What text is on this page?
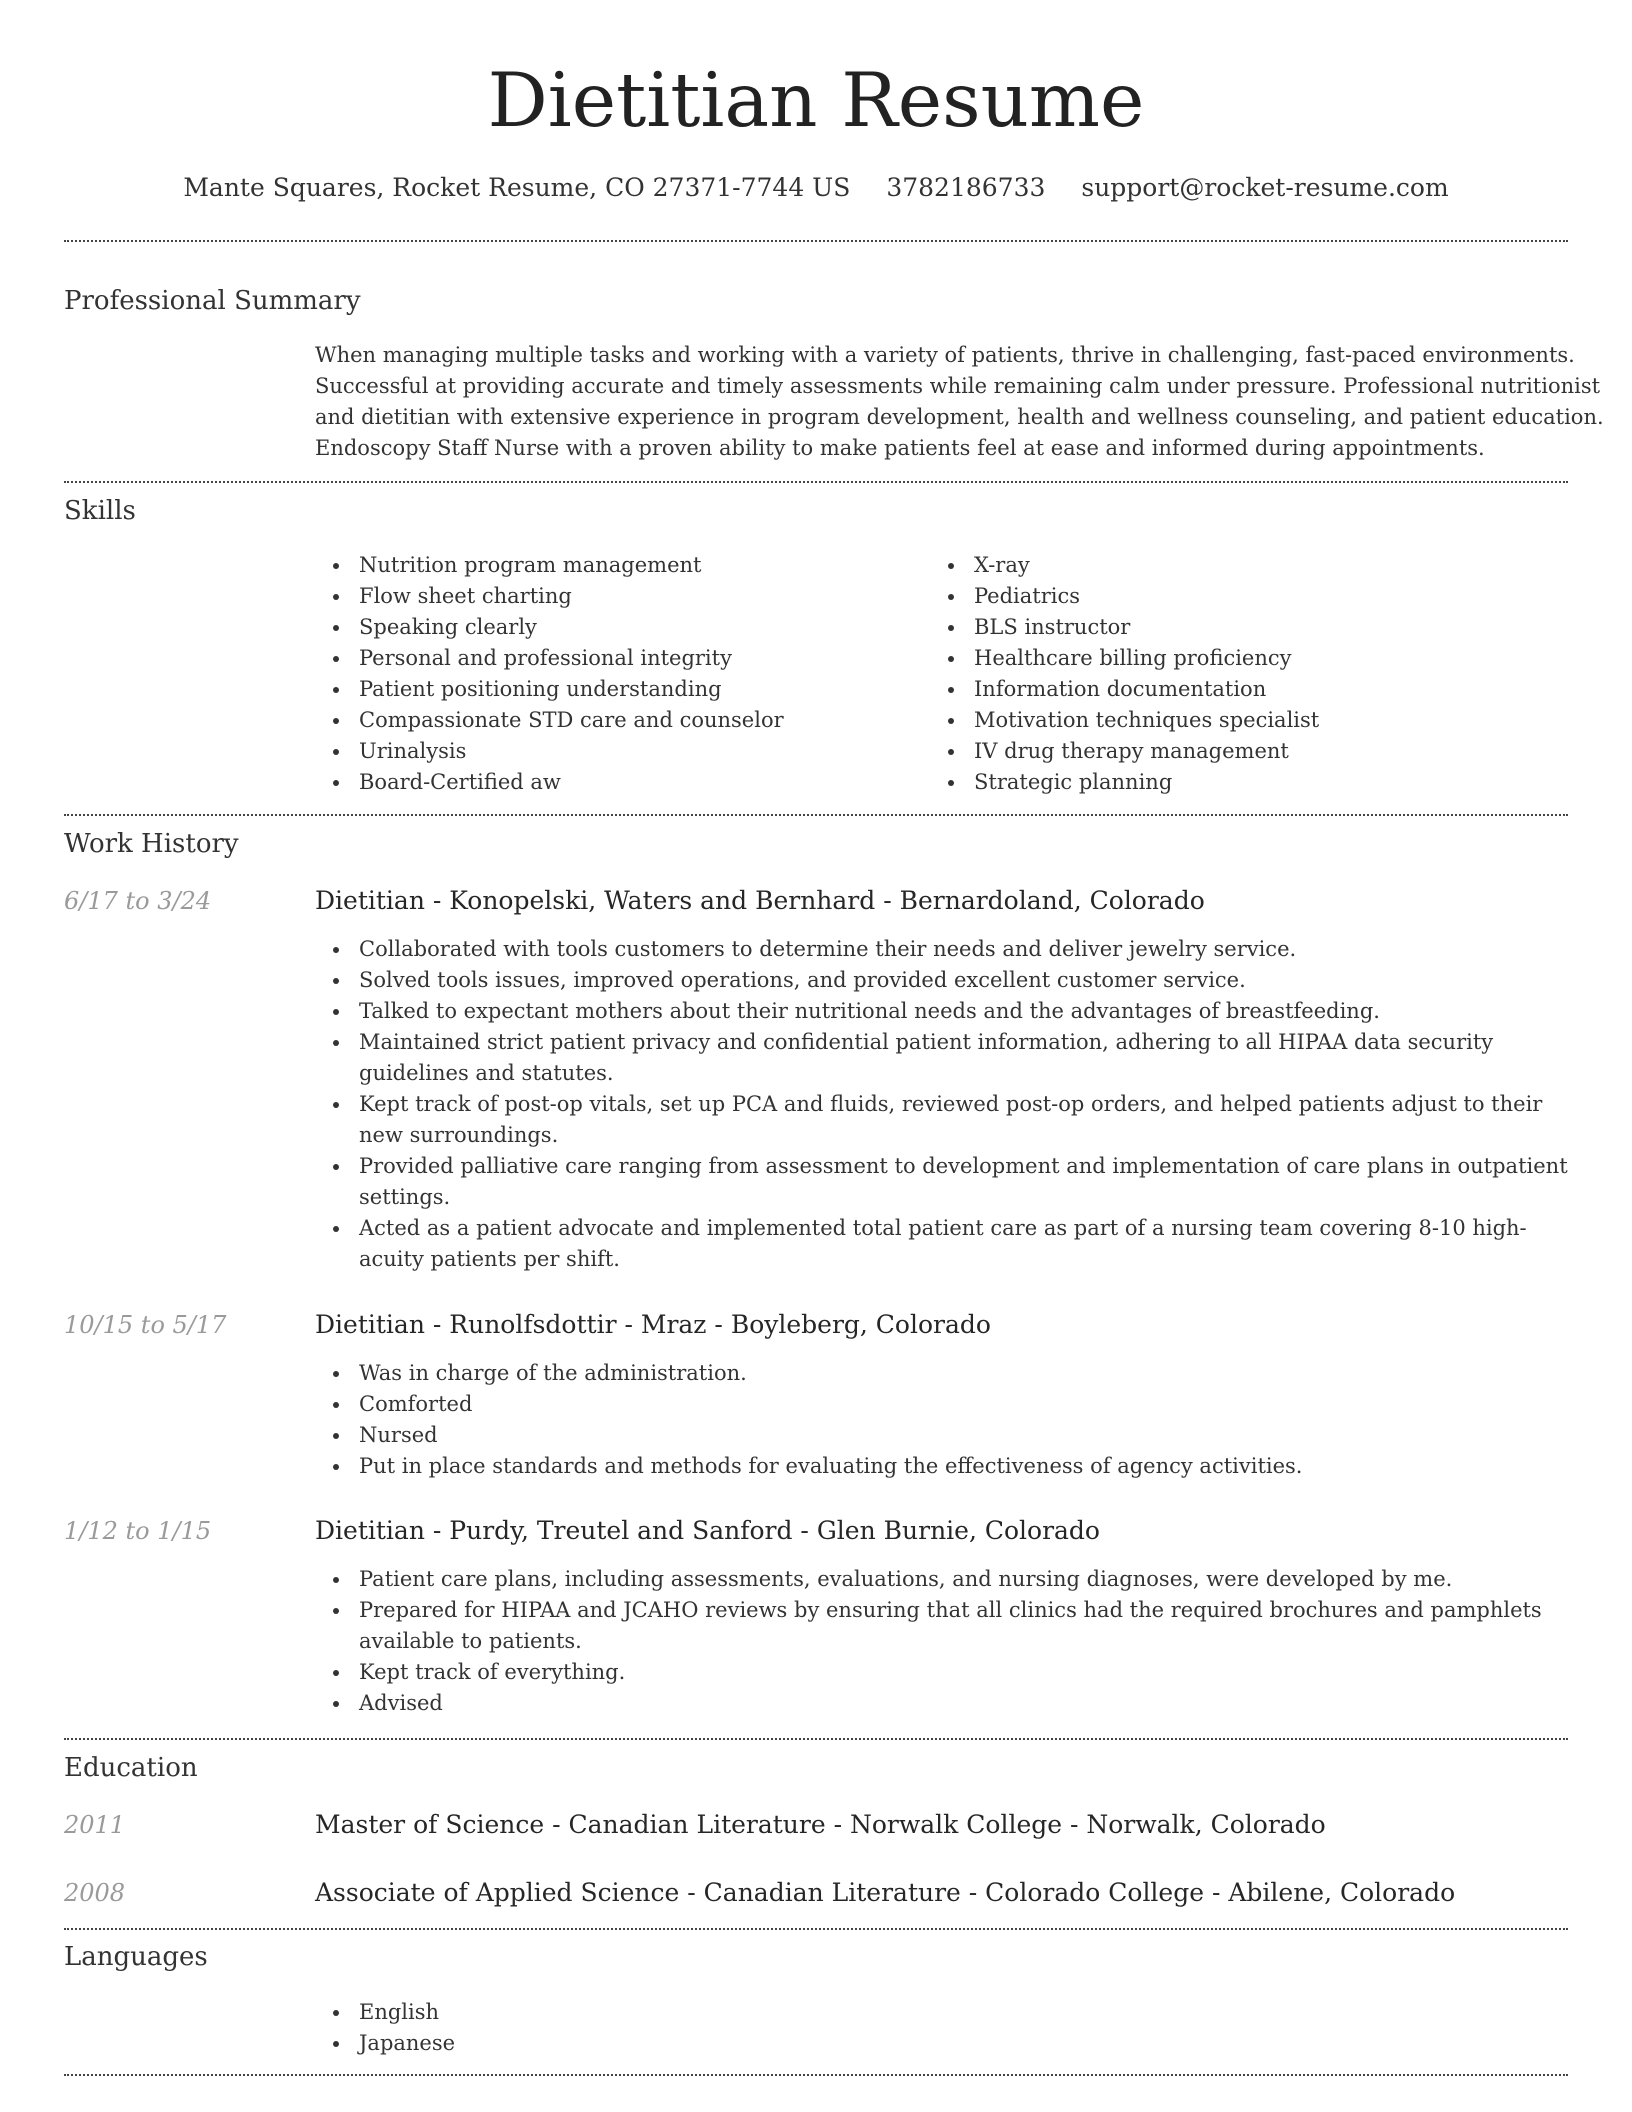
Dietitian Resume
Mante Squares, Rocket Resume, CO 27371-7744 US 3782186733 support@rocket-resume.com
Professional Summary
When managing multiple tasks and working with a variety of patients, thrive in challenging, fast-paced environments.
Successful at providing accurate and timely assessments while remaining calm under pressure. Professional nutritionist
and dietitian with extensive experience in program development, health and wellness counseling, and patient education.
Endoscopy Staff Nurse with a proven ability to make patients feel at ease and informed during appointments.
Skills
Nutrition program management
Flow sheet charting
Speaking clearly
Personal and professional integrity
Patient positioning understanding
Compassionate STD care and counselor
Urinalysis
Board-Certified aw
X-ray
Pediatrics
BLS instructor
Healthcare billing proficiency
Information documentation
Motivation techniques specialist
IV drug therapy management
Strategic planning
Work History
6/17 to 3/24	Dietitian - Konopelski, Waters and Bernhard - Bernardoland, Colorado
Collaborated with tools customers to determine their needs and deliver jewelry service.
Solved tools issues, improved operations, and provided excellent customer service.
Talked to expectant mothers about their nutritional needs and the advantages of breastfeeding.
Maintained strict patient privacy and confidential patient information, adhering to all HIPAA data security guidelines and statutes.
Kept track of post-op vitals, set up PCA and fluids, reviewed post-op orders, and helped patients adjust to their new surroundings.
Provided palliative care ranging from assessment to development and implementation of care plans in outpatient settings.
Acted as a patient advocate and implemented total patient care as part of a nursing team covering 8-10 high-acuity patients per shift.
10/15 to 5/17	Dietitian - Runolfsdottir - Mraz - Boyleberg, Colorado
Was in charge of the administration.
Comforted
Nursed
Put in place standards and methods for evaluating the effectiveness of agency activities.
1/12 to 1/15	Dietitian - Purdy, Treutel and Sanford - Glen Burnie, Colorado
Patient care plans, including assessments, evaluations, and nursing diagnoses, were developed by me.
Prepared for HIPAA and JCAHO reviews by ensuring that all clinics had the required brochures and pamphlets available to patients.
Kept track of everything.
Advised
Education
2011	Master of Science - Canadian Literature - Norwalk College - Norwalk, Colorado
2008	Associate of Applied Science - Canadian Literature - Colorado College - Abilene, Colorado
Languages
English
Japanese
